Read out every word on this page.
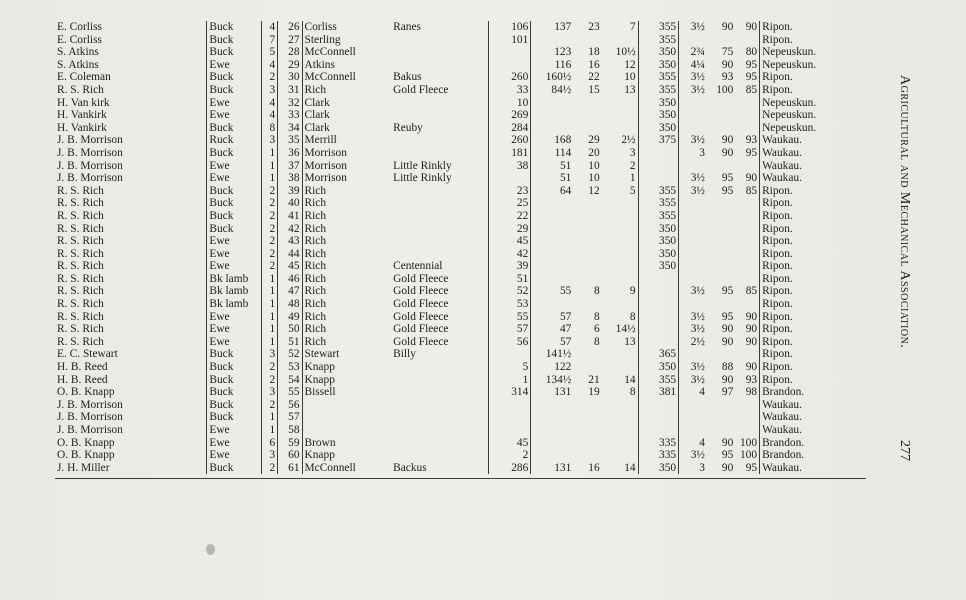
E. Corliss	Buck	4	26	Corliss	Ranes	106	137	23	7	355	3½	90	90	Ripon.
E. Corliss	Buck	7	27	Sterling		101				355				Ripon.
S. Atkins	Buck	5	28	McConnell			123	18	10½	350	2¾	75	80	Nepeuskun.
S. Atkins	Ewe	4	29	Atkins			116	16	12	350	4¼	90	95	Nepeuskun.
E. Coleman	Buck	2	30	McConnell	Bakus	260	160½	22	10	355	3½	93	95	Ripon.
R. S. Rich	Buck	3	31	Rich	Gold Fleece	33	84½	15	13	355	3½	100	85	Ripon.
H. Van kirk	Ewe	4	32	Clark		10				350				Nepeuskun.
H. Vankirk	Ewe	4	33	Clark		269				350				Nepeuskun.
H. Vankirk	Buck	8	34	Clark	Reuby	284				350				Nepeuskun.
J. B. Morrison	Ruck	3	35	Merrill		260	168	29	2½	375	3½	90	93	Waukau.
J. B. Morrison	Buck	1	36	Morrison		181	114	20	3		3	90	95	Waukau.
J. B. Morrison	Ewe	1	37	Morrison	Little Rinkly	38	51	10	2					Waukau.
J. B. Morrison	Ewe	1	38	Morrison	Little Rinkly		51	10	1		3½	95	90	Waukau.
R. S. Rich	Buck	2	39	Rich		23	64	12	5	355	3½	95	85	Ripon.
R. S. Rich	Buck	2	40	Rich		25				355				Ripon.
R. S. Rich	Buck	2	41	Rich		22				355				Ripon.
R. S. Rich	Buck	2	42	Rich		29				350				Ripon.
R. S. Rich	Ewe	2	43	Rich		45				350				Ripon.
R. S. Rich	Ewe	2	44	Rich		42				350				Ripon.
R. S. Rich	Ewe	2	45	Rich	Centennial	39				350				Ripon.
R. S. Rich	Bk lamb	1	46	Rich	Gold Fleece	51								Ripon.
R. S. Rich	Bk lamb	1	47	Rich	Gold Fleece	52	55	8	9		3½	95	85	Ripon.
R. S. Rich	Bk lamb	1	48	Rich	Gold Fleece	53								Ripon.
R. S. Rich	Ewe	1	49	Rich	Gold Fleece	55	57	8	8		3½	95	90	Ripon.
R. S. Rich	Ewe	1	50	Rich	Gold Fleece	57	47	6	14½		3½	90	90	Ripon.
R. S. Rich	Ewe	1	51	Rich	Gold Fleece	56	57	8	13		2½	90	90	Ripon.
E. C. Stewart	Buck	3	52	Stewart	Billy		141½			365				Ripon.
H. B. Reed	Buck	2	53	Knapp		5	122			350	3½	88	90	Ripon.
H. B. Reed	Buck	2	54	Knapp		1	134½	21	14	355	3½	90	93	Ripon.
O. B. Knapp	Buck	3	55	Bissell		314	131	19	8	381	4	97	98	Brandon.
J. B. Morrison	Buck	2	56											Waukau.
J. B. Morrison	Buck	1	57											Waukau.
J. B. Morrison	Ewe	1	58											Waukau.
O. B. Knapp	Ewe	6	59	Brown		45				335	4	90	100	Brandon.
O. B. Knapp	Ewe	3	60	Knapp		2				335	3½	95	100	Brandon.
J. H. Miller	Buck	2	61	McConnell	Backus	286	131	16	14	350	3	90	95	Waukau.
Agricultural and Mechanical Association.
277
